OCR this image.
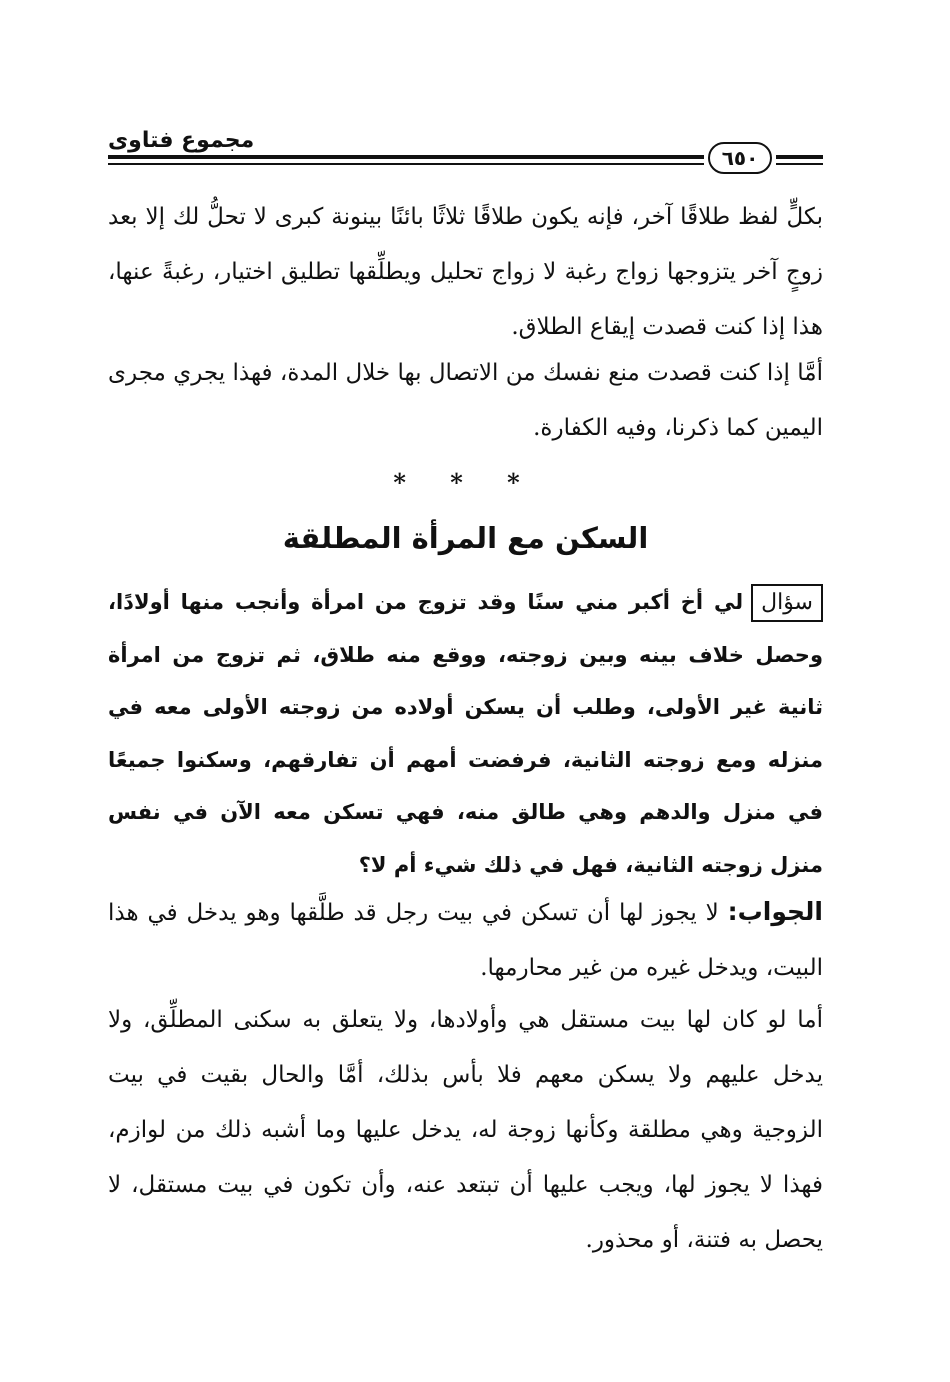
مجموع فتاوى
٦٥٠

بكلٍّ لفظ طلاقًا آخر، فإنه يكون طلاقًا ثلاثًا بائنًا بينونة كبرى لا تحلُّ لك إلا بعد زوجٍ آخر يتزوجها زواج رغبة لا زواج تحليل ويطلِّقها تطليق اختيار، رغبةً عنها، هذا إذا كنت قصدت إيقاع الطلاق.

أمَّا إذا كنت قصدت منع نفسك من الاتصال بها خلال المدة، فهذا يجري مجرى اليمين كما ذكرنا، وفيه الكفارة.

* * *
السكن مع المرأة المطلقة

سؤاللي أخ أكبر مني سنًا وقد تزوج من امرأة وأنجب منها أولادًا، وحصل خلاف بينه وبين زوجته، ووقع منه طلاق، ثم تزوج من امرأة ثانية غير الأولى، وطلب أن يسكن أولاده من زوجته الأولى معه في منزله ومع زوجته الثانية، فرفضت أمهم أن تفارقهم، وسكنوا جميعًا في منزل والدهم وهي طالق منه، فهي تسكن معه الآن في نفس منزل زوجته الثانية، فهل في ذلك شيء أم لا؟

الجواب: لا يجوز لها أن تسكن في بيت رجل قد طلَّقها وهو يدخل في هذا البيت، ويدخل غيره من غير محارمها.

أما لو كان لها بيت مستقل هي وأولادها، ولا يتعلق به سكنى المطلِّق، ولا يدخل عليهم ولا يسكن معهم فلا بأس بذلك، أمَّا والحال بقيت في بيت الزوجية وهي مطلقة وكأنها زوجة له، يدخل عليها وما أشبه ذلك من لوازم، فهذا لا يجوز لها، ويجب عليها أن تبتعد عنه، وأن تكون في بيت مستقل، لا يحصل به فتنة، أو محذور.
